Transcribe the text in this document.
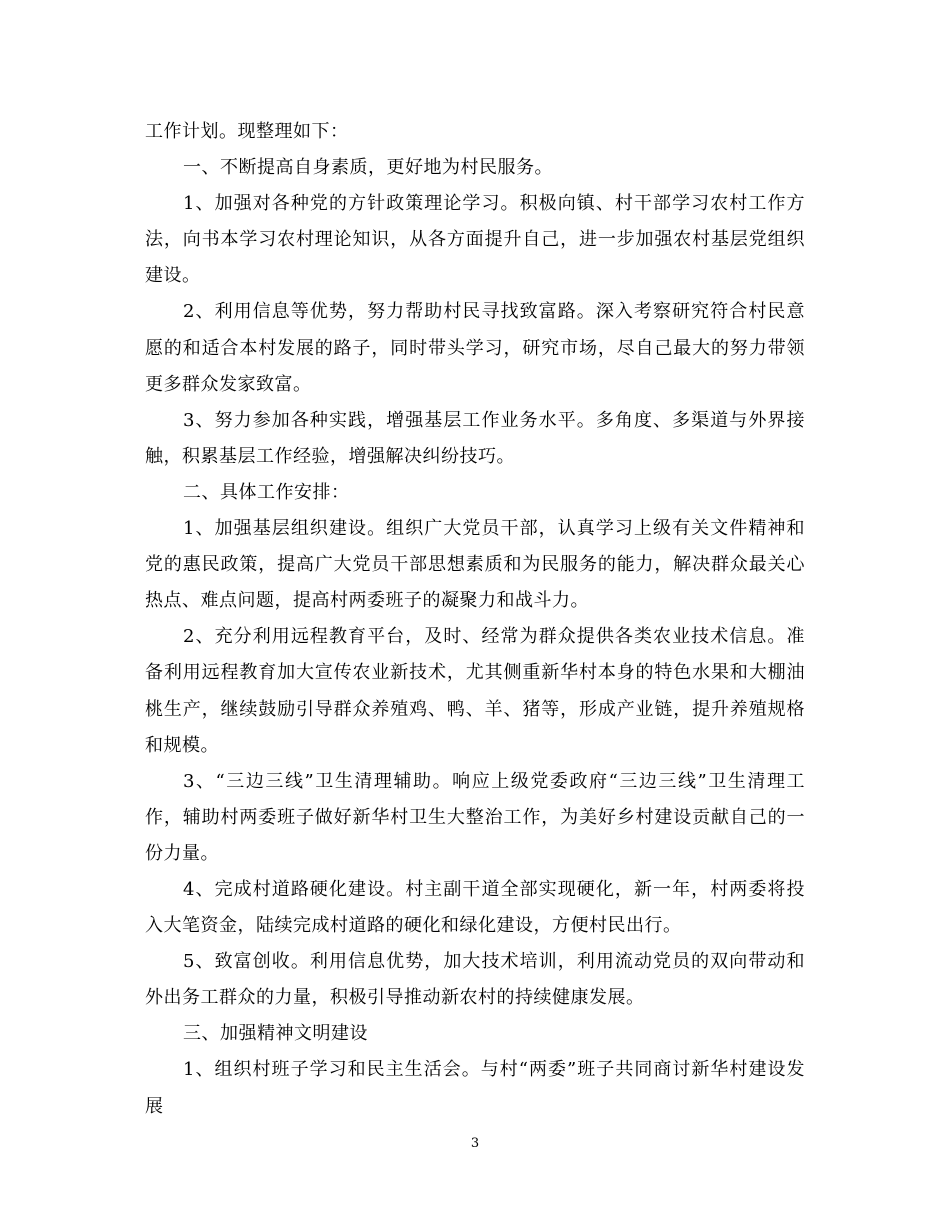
工作计划。现整理如下：

一、不断提高自身素质，更好地为村民服务。

1、加强对各种党的方针政策理论学习。积极向镇、村干部学习农村工作方法，向书本学习农村理论知识，从各方面提升自己，进一步加强农村基层党组织建设。

2、利用信息等优势，努力帮助村民寻找致富路。深入考察研究符合村民意愿的和适合本村发展的路子，同时带头学习，研究市场，尽自己最大的努力带领更多群众发家致富。

3、努力参加各种实践，增强基层工作业务水平。多角度、多渠道与外界接触，积累基层工作经验，增强解决纠纷技巧。

二、具体工作安排：

1、加强基层组织建设。组织广大党员干部，认真学习上级有关文件精神和党的惠民政策，提高广大党员干部思想素质和为民服务的能力，解决群众最关心热点、难点问题，提高村两委班子的凝聚力和战斗力。

2、充分利用远程教育平台，及时、经常为群众提供各类农业技术信息。准备利用远程教育加大宣传农业新技术，尤其侧重新华村本身的特色水果和大棚油桃生产，继续鼓励引导群众养殖鸡、鸭、羊、猪等，形成产业链，提升养殖规格和规模。

3、“三边三线”卫生清理辅助。响应上级党委政府“三边三线”卫生清理工作，辅助村两委班子做好新华村卫生大整治工作，为美好乡村建设贡献自己的一份力量。

4、完成村道路硬化建设。村主副干道全部实现硬化，新一年，村两委将投入大笔资金，陆续完成村道路的硬化和绿化建设，方便村民出行。

5、致富创收。利用信息优势，加大技术培训，利用流动党员的双向带动和外出务工群众的力量，积极引导推动新农村的持续健康发展。

三、加强精神文明建设

1、组织村班子学习和民主生活会。与村“两委”班子共同商讨新华村建设发展

3
